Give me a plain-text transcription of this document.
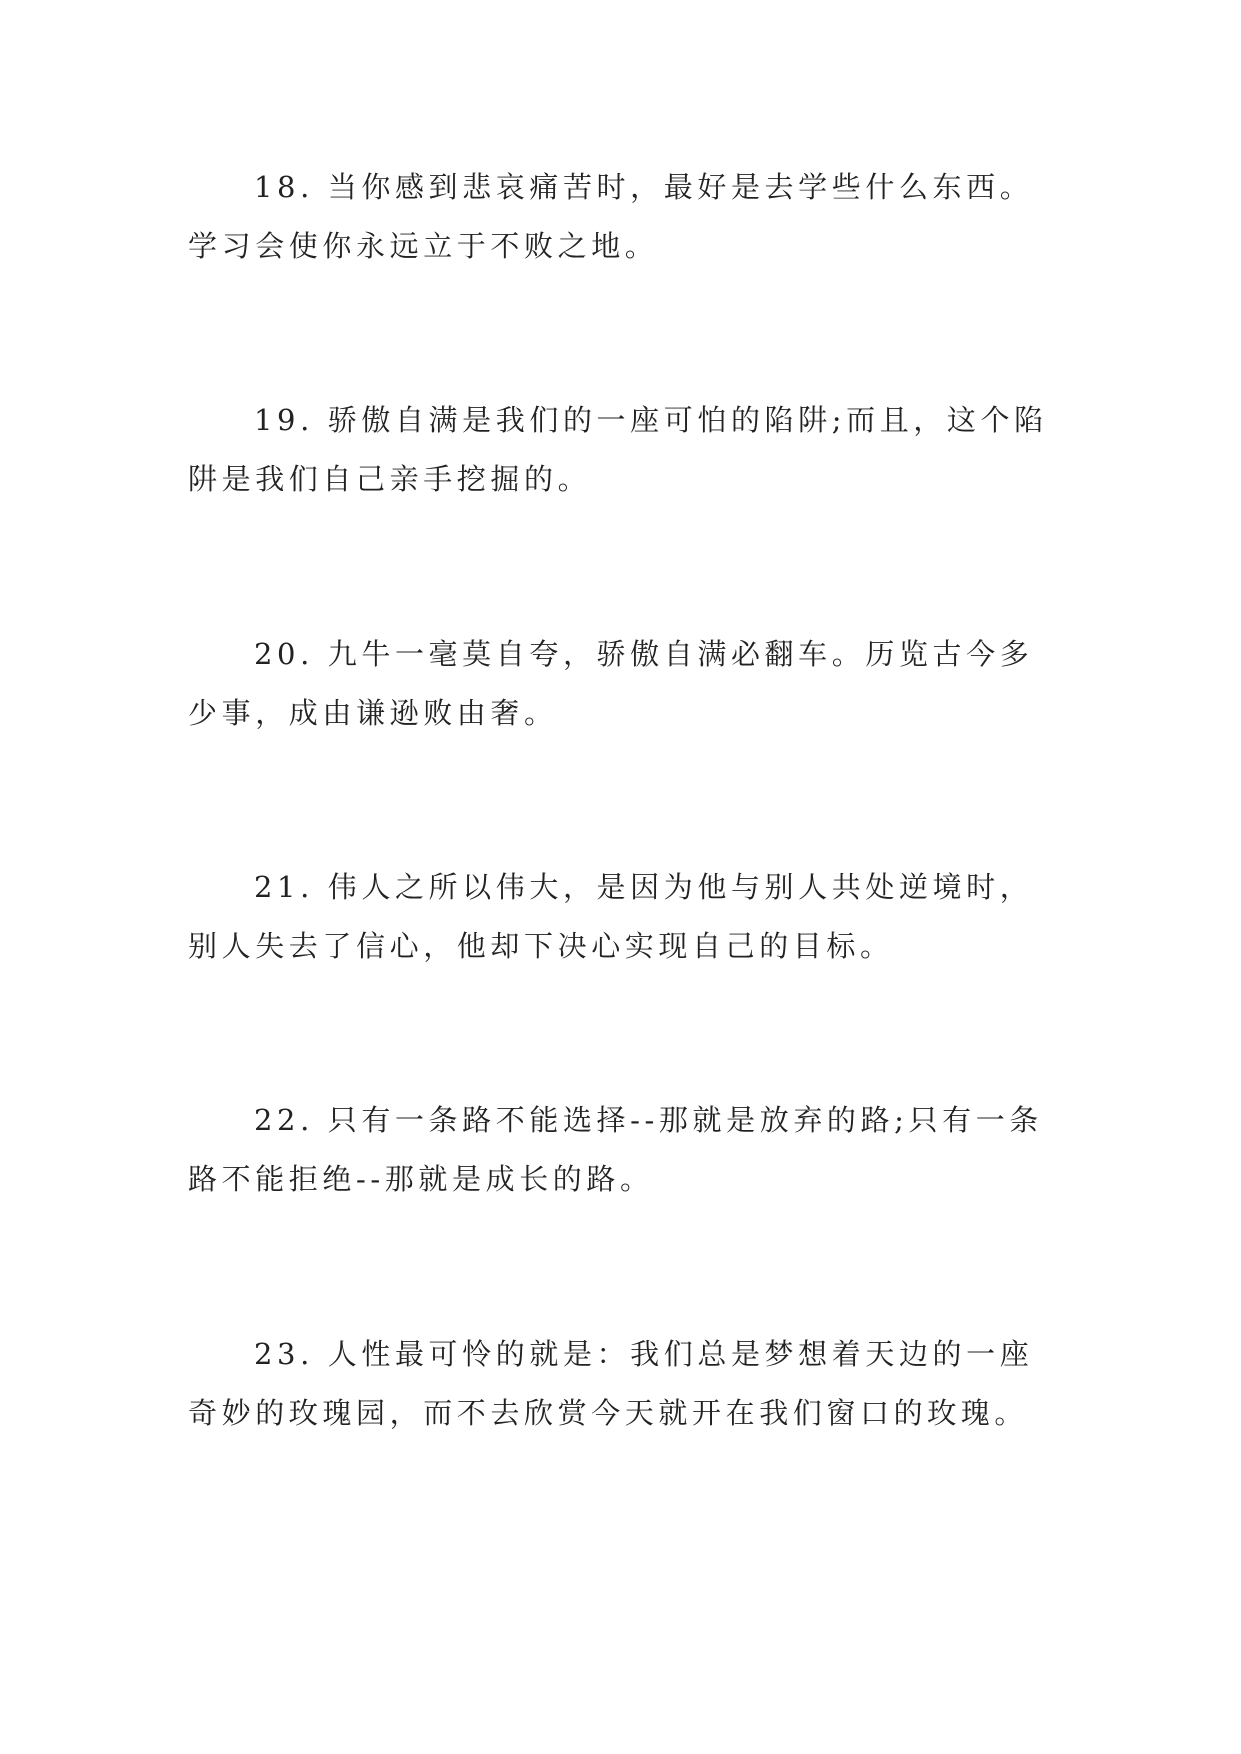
18. 当你感到悲哀痛苦时，最好是去学些什么东西。学习会使你永远立于不败之地。

19. 骄傲自满是我们的一座可怕的陷阱;而且，这个陷阱是我们自己亲手挖掘的。

20. 九牛一毫莫自夸，骄傲自满必翻车。历览古今多少事，成由谦逊败由奢。

21. 伟人之所以伟大，是因为他与别人共处逆境时，别人失去了信心，他却下决心实现自己的目标。

22. 只有一条路不能选择--那就是放弃的路;只有一条路不能拒绝--那就是成长的路。

23. 人性最可怜的就是：我们总是梦想着天边的一座奇妙的玫瑰园，而不去欣赏今天就开在我们窗口的玫瑰。
